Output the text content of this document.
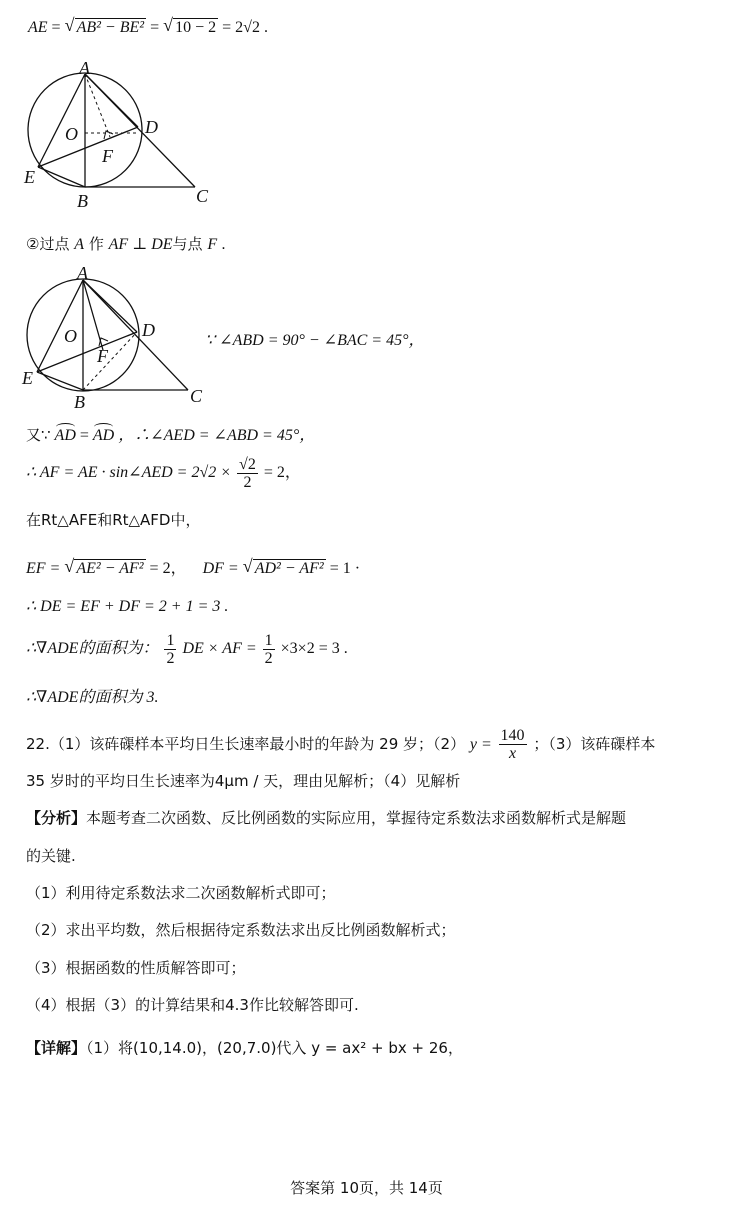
AE = √ AB² − BE² = √ 10 − 2 = 2√2 .
A
O	D
F
E
B	C
②过点 A 作 AF ⊥ DE与点 F .
A
O	D
F
E
B	C
∵ ∠ABD = 90° − ∠BAC = 45°，
又∵ AD = AD ，∴∠AED = ∠ABD = 45°，
∴ AF = AE · sin∠AED = $2√2 \times \frac{√2}{2} = 2$，
在Rt△AFE和Rt△AFD中，
EF = √ AE² − AF² = 2， DF = √ AD² − AF² = 1 ·
∴ DE = EF + DF = 2 + 1 = 3 .
∴∇ADE的面积为： $\frac{1}{2}$ DE × AF = $\frac{1}{2} \times 3\times 2 = 3$ .
∴∇ADE的面积为 3.
22.（1）该砗磲样本平均日生长速率最小时的年龄为 29 岁；（2） $y = \frac{140}{x}$ ；（3）该砗磲样本
35 岁时的平均日生长速率为4μm / 天，理由见解析；（4）见解析
【分析】本题考查二次函数、反比例函数的实际应用，掌握待定系数法求函数解析式是解题
的关键.
（1）利用待定系数法求二次函数解析式即可；
（2）求出平均数，然后根据待定系数法求出反比例函数解析式；
（3）根据函数的性质解答即可；
（4）根据（3）的计算结果和4.3作比较解答即可.
【详解】（1）将(10,14.0)，(20,7.0)代入 y = ax² + bx + 26，
答案第 10页，共 14页
